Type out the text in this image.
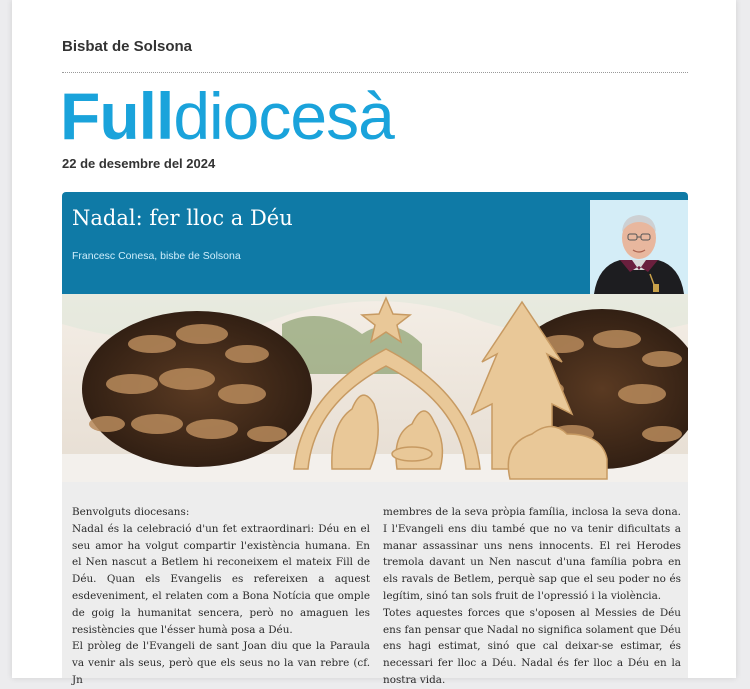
Bisbat de Solsona
Fulldiocesà
22 de desembre del 2024
Nadal: fer lloc a Déu
Francesc Conesa, bisbe de Solsona

Benvolguts diocesans:

Nadal és la celebració d'un fet extraordinari: Déu en el seu amor ha volgut compartir l'existència humana. En el Nen nascut a Betlem hi reconeixem el mateix Fill de Déu. Quan els Evangelis es refereixen a aquest esdeveniment, el relaten com a Bona Notícia que omple de goig la humanitat sencera, però no amaguen les resistències que l'ésser humà posa a Déu.

El pròleg de l'Evangeli de sant Joan diu que la Paraula va venir als seus, però que els seus no la van rebre (cf. Jn

membres de la seva pròpia família, inclosa la seva dona. I l'Evangeli ens diu també que no va tenir dificultats a manar assassinar uns nens innocents. El rei Herodes tremola davant un Nen nascut d'una família pobra en els ravals de Betlem, perquè sap que el seu poder no és legítim, sinó tan sols fruit de l'opressió i la violència.

Totes aquestes forces que s'oposen al Messies de Déu ens fan pensar que Nadal no significa solament que Déu ens hagi estimat, sinó que cal deixar-se estimar, és necessari fer lloc a Déu. Nadal és fer lloc a Déu en la nostra vida.
